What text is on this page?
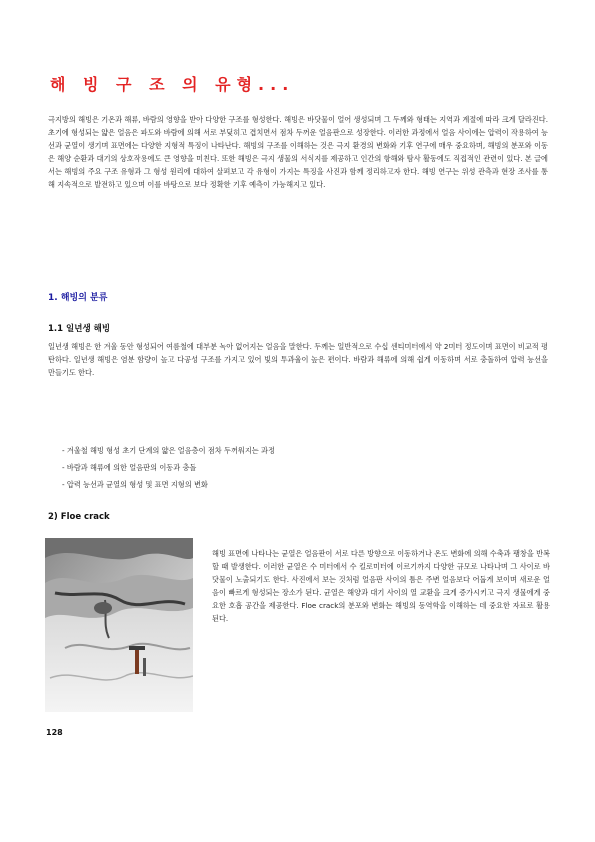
해 빙 구 조 의 유형...

극지방의 해빙은 기온과 해류, 바람의 영향을 받아 다양한 구조를 형성한다. 해빙은 바닷물이 얼어 생성되며 그 두께와 형태는 지역과 계절에 따라 크게 달라진다. 초기에 형성되는 얇은 얼음은 파도와 바람에 의해 서로 부딪히고 겹치면서 점차 두꺼운 얼음판으로 성장한다. 이러한 과정에서 얼음 사이에는 압력이 작용하여 능선과 균열이 생기며 표면에는 다양한 지형적 특징이 나타난다. 해빙의 구조를 이해하는 것은 극지 환경의 변화와 기후 연구에 매우 중요하며, 해빙의 분포와 이동은 해양 순환과 대기의 상호작용에도 큰 영향을 미친다. 또한 해빙은 극지 생물의 서식지를 제공하고 인간의 항해와 탐사 활동에도 직접적인 관련이 있다. 본 글에서는 해빙의 주요 구조 유형과 그 형성 원리에 대하여 살펴보고 각 유형이 가지는 특징을 사진과 함께 정리하고자 한다. 해빙 연구는 위성 관측과 현장 조사를 통해 지속적으로 발전하고 있으며 이를 바탕으로 보다 정확한 기후 예측이 가능해지고 있다.

1. 해빙의 분류
1.1 일년생 해빙

일년생 해빙은 한 겨울 동안 형성되어 여름철에 대부분 녹아 없어지는 얼음을 말한다. 두께는 일반적으로 수십 센티미터에서 약 2미터 정도이며 표면이 비교적 평탄하다. 일년생 해빙은 염분 함량이 높고 다공성 구조를 가지고 있어 빛의 투과율이 높은 편이다. 바람과 해류에 의해 쉽게 이동하며 서로 충돌하여 압력 능선을 만들기도 한다.

- 겨울철 해빙 형성 초기 단계의 얇은 얼음층이 점차 두꺼워지는 과정
- 바람과 해류에 의한 얼음판의 이동과 충돌
- 압력 능선과 균열의 형성 및 표면 지형의 변화
2) Floe crack

해빙 표면에 나타나는 균열은 얼음판이 서로 다른 방향으로 이동하거나 온도 변화에 의해 수축과 팽창을 반복할 때 발생한다. 이러한 균열은 수 미터에서 수 킬로미터에 이르기까지 다양한 규모로 나타나며 그 사이로 바닷물이 노출되기도 한다. 사진에서 보는 것처럼 얼음판 사이의 틈은 주변 얼음보다 어둡게 보이며 새로운 얼음이 빠르게 형성되는 장소가 된다. 균열은 해양과 대기 사이의 열 교환을 크게 증가시키고 극지 생물에게 중요한 호흡 공간을 제공한다. Floe crack의 분포와 변화는 해빙의 동역학을 이해하는 데 중요한 자료로 활용된다.

128
